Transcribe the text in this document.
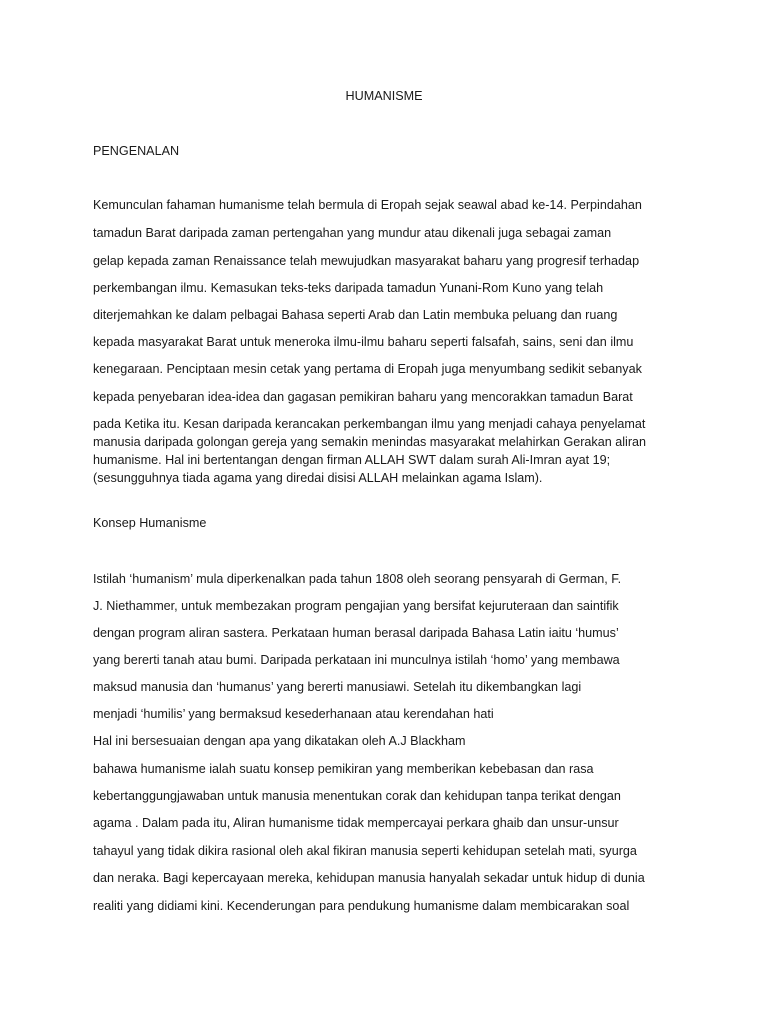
HUMANISME

PENGENALAN

Kemunculan fahaman humanisme telah bermula di Eropah sejak seawal abad ke-14. Perpindahan

tamadun Barat daripada zaman pertengahan yang mundur atau dikenali juga sebagai zaman

gelap kepada zaman Renaissance telah mewujudkan masyarakat baharu yang progresif terhadap

perkembangan ilmu. Kemasukan teks-teks daripada tamadun Yunani-Rom Kuno yang telah

diterjemahkan ke dalam pelbagai Bahasa seperti Arab dan Latin membuka peluang dan ruang

kepada masyarakat Barat untuk meneroka ilmu-ilmu baharu seperti falsafah, sains, seni dan ilmu

kenegaraan. Penciptaan mesin cetak yang pertama di Eropah juga menyumbang sedikit sebanyak

kepada penyebaran idea-idea dan gagasan pemikiran baharu yang mencorakkan tamadun Barat

pada Ketika itu. Kesan daripada kerancakan perkembangan ilmu yang menjadi cahaya penyelamat

manusia daripada golongan gereja yang semakin menindas masyarakat melahirkan Gerakan aliran

humanisme. Hal ini bertentangan dengan firman ALLAH SWT dalam surah Ali-Imran ayat 19;

(sesungguhnya tiada agama yang diredai disisi ALLAH melainkan agama Islam).

Konsep Humanisme

Istilah ‘humanism’ mula diperkenalkan pada tahun 1808 oleh seorang pensyarah di German, F.

J. Niethammer, untuk membezakan program pengajian yang bersifat kejuruteraan dan saintifik

dengan program aliran sastera. Perkataan human berasal daripada Bahasa Latin iaitu ‘humus’

yang bererti tanah atau bumi. Daripada perkataan ini munculnya istilah ‘homo’ yang membawa

maksud manusia dan ‘humanus’ yang bererti manusiawi. Setelah itu dikembangkan lagi

menjadi ‘humilis’ yang bermaksud kesederhanaan atau kerendahan hati

Hal ini bersesuaian dengan apa yang dikatakan oleh A.J Blackham

bahawa humanisme ialah suatu konsep pemikiran yang memberikan kebebasan dan rasa

kebertanggungjawaban untuk manusia menentukan corak dan kehidupan tanpa terikat dengan

agama . Dalam pada itu, Aliran humanisme tidak mempercayai perkara ghaib dan unsur-unsur

tahayul yang tidak dikira rasional oleh akal fikiran manusia seperti kehidupan setelah mati, syurga

dan neraka. Bagi kepercayaan mereka, kehidupan manusia hanyalah sekadar untuk hidup di dunia

realiti yang didiami kini. Kecenderungan para pendukung humanisme dalam membicarakan soal
